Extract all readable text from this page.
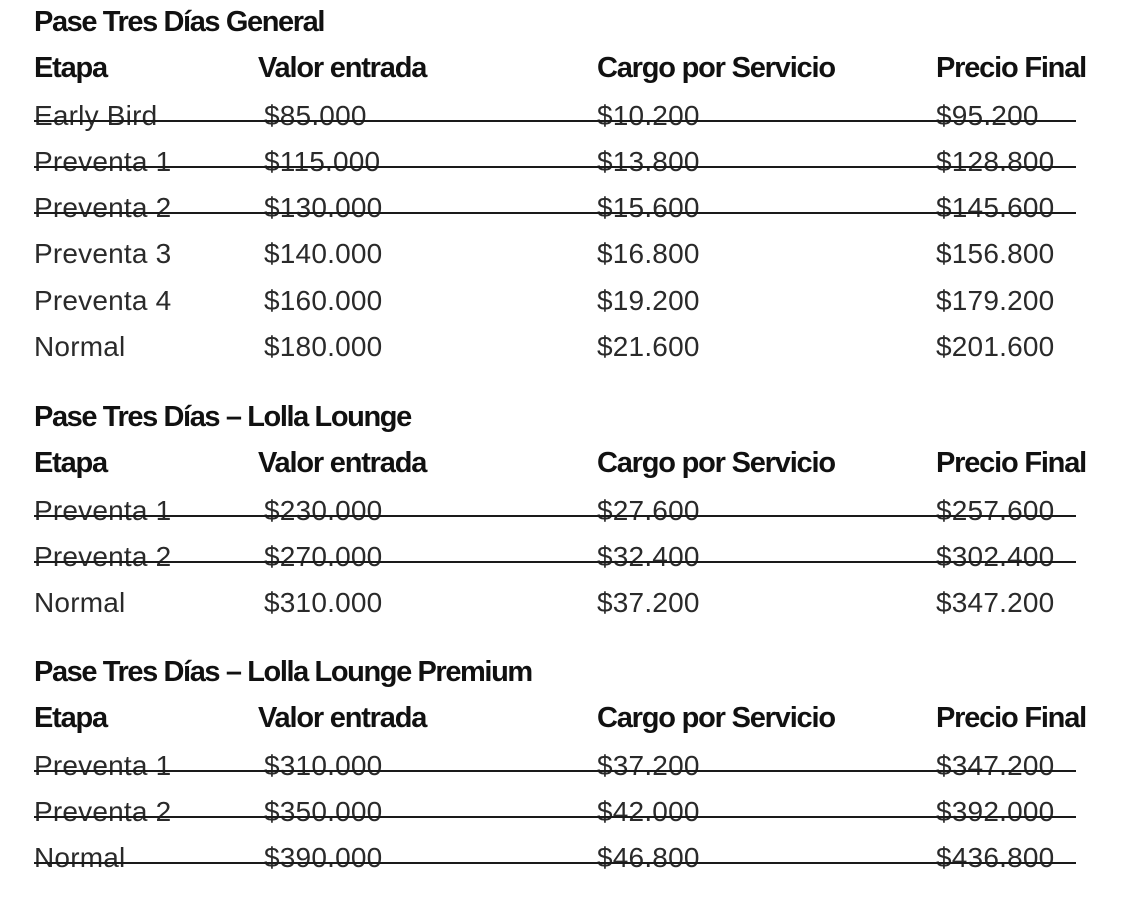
Pase Tres Días General
Etapa	Valor entrada	Cargo por Servicio	Precio Final
Early Bird	$85.000	$10.200	$95.200
Preventa 1	$115.000	$13.800	$128.800
Preventa 2	$130.000	$15.600	$145.600
Preventa 3	$140.000	$16.800	$156.800
Preventa 4	$160.000	$19.200	$179.200
Normal	$180.000	$21.600	$201.600
Pase Tres Días – Lolla Lounge
Etapa	Valor entrada	Cargo por Servicio	Precio Final
Preventa 1	$230.000	$27.600	$257.600
Preventa 2	$270.000	$32.400	$302.400
Normal	$310.000	$37.200	$347.200
Pase Tres Días – Lolla Lounge Premium
Etapa	Valor entrada	Cargo por Servicio	Precio Final
Preventa 1	$310.000	$37.200	$347.200
Preventa 2	$350.000	$42.000	$392.000
Normal	$390.000	$46.800	$436.800
